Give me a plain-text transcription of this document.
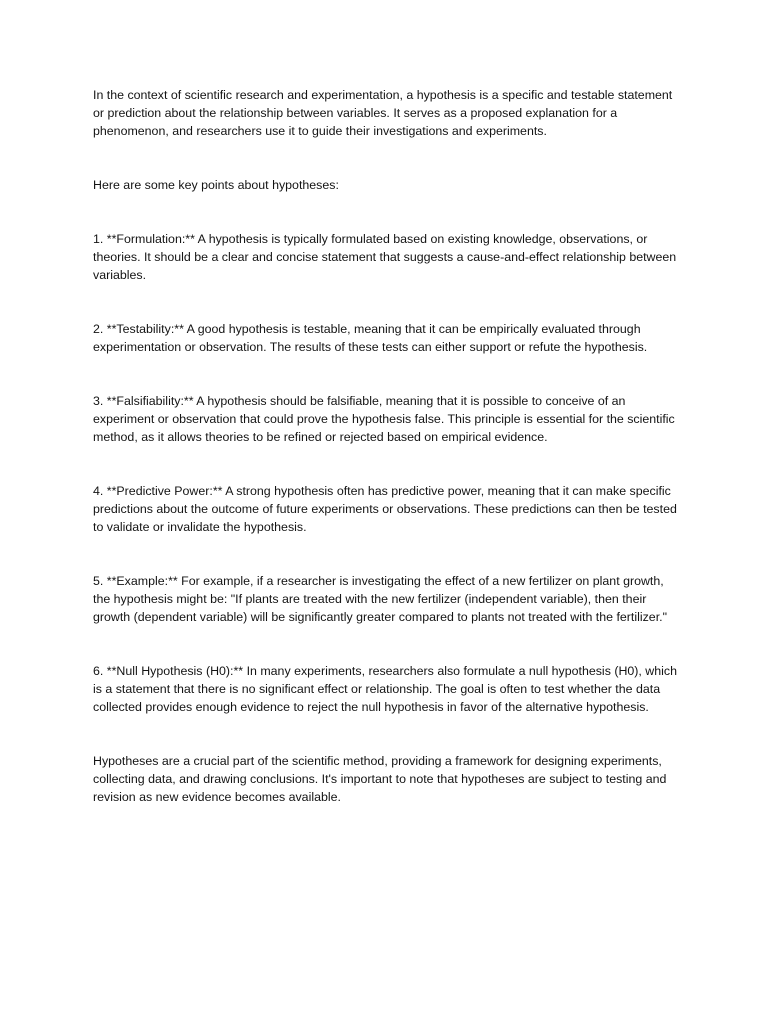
In the context of scientific research and experimentation, a hypothesis is a specific and testable statement or prediction about the relationship between variables. It serves as a proposed explanation for a phenomenon, and researchers use it to guide their investigations and experiments.

Here are some key points about hypotheses:

1. **Formulation:** A hypothesis is typically formulated based on existing knowledge, observations, or theories. It should be a clear and concise statement that suggests a cause-and-effect relationship between variables.

2. **Testability:** A good hypothesis is testable, meaning that it can be empirically evaluated through experimentation or observation. The results of these tests can either support or refute the hypothesis.

3. **Falsifiability:** A hypothesis should be falsifiable, meaning that it is possible to conceive of an experiment or observation that could prove the hypothesis false. This principle is essential for the scientific method, as it allows theories to be refined or rejected based on empirical evidence.

4. **Predictive Power:** A strong hypothesis often has predictive power, meaning that it can make specific predictions about the outcome of future experiments or observations. These predictions can then be tested to validate or invalidate the hypothesis.

5. **Example:** For example, if a researcher is investigating the effect of a new fertilizer on plant growth, the hypothesis might be: "If plants are treated with the new fertilizer (independent variable), then their growth (dependent variable) will be significantly greater compared to plants not treated with the fertilizer."

6. **Null Hypothesis (H0):** In many experiments, researchers also formulate a null hypothesis (H0), which is a statement that there is no significant effect or relationship. The goal is often to test whether the data collected provides enough evidence to reject the null hypothesis in favor of the alternative hypothesis.

Hypotheses are a crucial part of the scientific method, providing a framework for designing experiments, collecting data, and drawing conclusions. It's important to note that hypotheses are subject to testing and revision as new evidence becomes available.
